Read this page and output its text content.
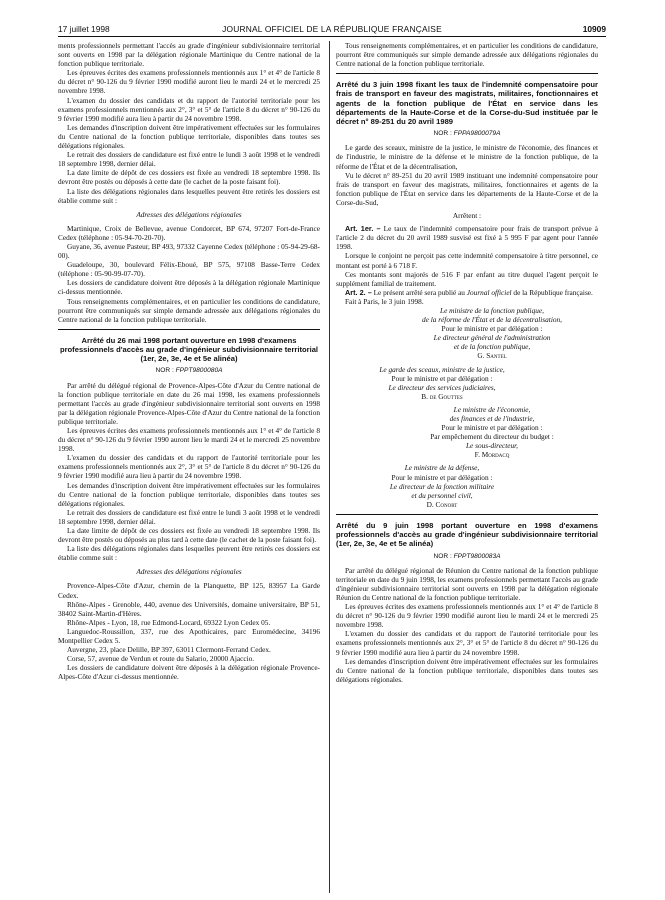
17 juillet 1998	JOURNAL OFFICIEL DE LA RÉPUBLIQUE FRANÇAISE	10909

ments professionnels permettant l'accès au grade d'ingénieur subdivisionnaire territorial sont ouverts en 1998 par la délégation régionale Martinique du Centre national de la fonction publique territoriale.

Les épreuves écrites des examens professionnels mentionnés aux 1° et 4° de l'article 8 du décret n° 90-126 du 9 février 1990 modifié auront lieu le mardi 24 et le mercredi 25 novembre 1998.

L'examen du dossier des candidats et du rapport de l'autorité territoriale pour les examens professionnels mentionnés aux 2°, 3° et 5° de l'article 8 du décret n° 90-126 du 9 février 1990 modifié aura lieu à partir du 24 novembre 1998.

Les demandes d'inscription doivent être impérativement effectuées sur les formulaires du Centre national de la fonction publique territoriale, disponibles dans toutes ses délégations régionales.

Le retrait des dossiers de candidature est fixé entre le lundi 3 août 1998 et le vendredi 18 septembre 1998, dernier délai.

La date limite de dépôt de ces dossiers est fixée au vendredi 18 septembre 1998. Ils devront être postés ou déposés à cette date (le cachet de la poste faisant foi).

La liste des délégations régionales dans lesquelles peuvent être retirés les dossiers est établie comme suit :

Adresses des délégations régionales

Martinique, Croix de Bellevue, avenue Condorcet, BP 674, 97207 Fort-de-France Cedex (téléphone : 05-94-70-20-70).

Guyane, 36, avenue Pasteur, BP 493, 97332 Cayenne Cedex (téléphone : 05-94-29-68-00).

Guadeloupe, 30, boulevard Félix-Eboué, BP 575, 97108 Basse-Terre Cedex (téléphone : 05-90-99-07-70).

Les dossiers de candidature doivent être déposés à la délégation régionale Martinique ci-dessus mentionnée.

Tous renseignements complémentaires, et en particulier les conditions de candidature, pourront être communiqués sur simple demande adressée aux délégations régionales du Centre national de la fonction publique territoriale.

Arrêté du 26 mai 1998 portant ouverture en 1998 d'examens professionnels d'accès au grade d'ingénieur subdivisionnaire territorial (1er, 2e, 3e, 4e et 5e alinéa)
NOR : FPPT9800080A

Par arrêté du délégué régional de Provence-Alpes-Côte d'Azur du Centre national de la fonction publique territoriale en date du 26 mai 1998, les examens professionnels permettant l'accès au grade d'ingénieur subdivisionnaire territorial sont ouverts en 1998 par la délégation régionale Provence-Alpes-Côte d'Azur du Centre national de la fonction publique territoriale.

Les épreuves écrites des examens professionnels mentionnés aux 1° et 4° de l'article 8 du décret n° 90-126 du 9 février 1990 auront lieu le mardi 24 et le mercredi 25 novembre 1998.

L'examen du dossier des candidats et du rapport de l'autorité territoriale pour les examens professionnels mentionnés aux 2°, 3° et 5° de l'article 8 du décret n° 90-126 du 9 février 1990 modifié aura lieu à partir du 24 novembre 1998.

Les demandes d'inscription doivent être impérativement effectuées sur les formulaires du Centre national de la fonction publique territoriale, disponibles dans toutes ses délégations régionales.

Le retrait des dossiers de candidature est fixé entre le lundi 3 août 1998 et le vendredi 18 septembre 1998, dernier délai.

La date limite de dépôt de ces dossiers est fixée au vendredi 18 septembre 1998. Ils devront être postés ou déposés au plus tard à cette date (le cachet de la poste faisant foi).

La liste des délégations régionales dans lesquelles peuvent être retirés ces dossiers est établie comme suit :

Adresses des délégations régionales

Provence-Alpes-Côte d'Azur, chemin de la Planquette, BP 125, 83957 La Garde Cedex.

Rhône-Alpes - Grenoble, 440, avenue des Universités, domaine universitaire, BP 51, 38402 Saint-Martin-d'Hères.

Rhône-Alpes - Lyon, 18, rue Edmond-Locard, 69322 Lyon Cedex 05.

Languedoc-Roussillon, 337, rue des Apothicaires, parc Euromédecine, 34196 Montpellier Cedex 5.

Auvergne, 23, place Delille, BP 397, 63011 Clermont-Ferrand Cedex.

Corse, 57, avenue de Verdun et route du Salario, 20000 Ajaccio.

Les dossiers de candidature doivent être déposés à la délégation régionale Provence-Alpes-Côte d'Azur ci-dessus mentionnée.

Tous renseignements complémentaires, et en particulier les conditions de candidature, pourront être communiqués sur simple demande adressée aux délégations régionales du Centre national de la fonction publique territoriale.

Arrêté du 3 juin 1998 fixant les taux de l'indemnité compensatoire pour frais de transport en faveur des magistrats, militaires, fonctionnaires et agents de la fonction publique de l'État en service dans les départements de la Haute-Corse et de la Corse-du-Sud instituée par le décret n° 89-251 du 20 avril 1989
NOR : FPPA9800079A

Le garde des sceaux, ministre de la justice, le ministre de l'économie, des finances et de l'industrie, le ministre de la défense et le ministre de la fonction publique, de la réforme de l'État et de la décentralisation,

Vu le décret n° 89-251 du 20 avril 1989 instituant une indemnité compensatoire pour frais de transport en faveur des magistrats, militaires, fonctionnaires et agents de la fonction publique de l'État en service dans les départements de la Haute-Corse et de la Corse-du-Sud,

Arrêtent :

Art. 1er. – Le taux de l'indemnité compensatoire pour frais de transport prévue à l'article 2 du décret du 20 avril 1989 susvisé est fixé à 5 995 F par agent pour l'année 1998.

Lorsque le conjoint ne perçoit pas cette indemnité compensatoire à titre personnel, ce montant est porté à 6 718 F.

Ces montants sont majorés de 516 F par enfant au titre duquel l'agent perçoit le supplément familial de traitement.

Art. 2. – Le présent arrêté sera publié au Journal officiel de la République française.

Fait à Paris, le 3 juin 1998.

Le ministre de la fonction publique,
de la réforme de l'État et de la décentralisation,
Pour le ministre et par délégation :
Le directeur général de l'administration
et de la fonction publique,
G. Santel
Le garde des sceaux, ministre de la justice,
Pour le ministre et par délégation :
Le directeur des services judiciaires,
B. de Gouttes
Le ministre de l'économie,
des finances et de l'industrie,
Pour le ministre et par délégation :
Par empêchement du directeur du budget :
Le sous-directeur,
F. Mordacq
Le ministre de la défense,
Pour le ministre et par délégation :
Le directeur de la fonction militaire
et du personnel civil,
D. Conort
Arrêté du 9 juin 1998 portant ouverture en 1998 d'examens professionnels d'accès au grade d'ingénieur subdivisionnaire territorial (1er, 2e, 3e, 4e et 5e alinéa)
NOR : FPPT9800083A

Par arrêté du délégué régional de Réunion du Centre national de la fonction publique territoriale en date du 9 juin 1998, les examens professionnels permettant l'accès au grade d'ingénieur subdivisionnaire territorial sont ouverts en 1998 par la délégation régionale Réunion du Centre national de la fonction publique territoriale.

Les épreuves écrites des examens professionnels mentionnés aux 1° et 4° de l'article 8 du décret n° 90-126 du 9 février 1990 modifié auront lieu le mardi 24 et le mercredi 25 novembre 1998.

L'examen du dossier des candidats et du rapport de l'autorité territoriale pour les examens professionnels mentionnés aux 2°, 3° et 5° de l'article 8 du décret n° 90-126 du 9 février 1990 modifié aura lieu à partir du 24 novembre 1998.

Les demandes d'inscription doivent être impérativement effectuées sur les formulaires du Centre national de la fonction publique territoriale, disponibles dans toutes ses délégations régionales.
